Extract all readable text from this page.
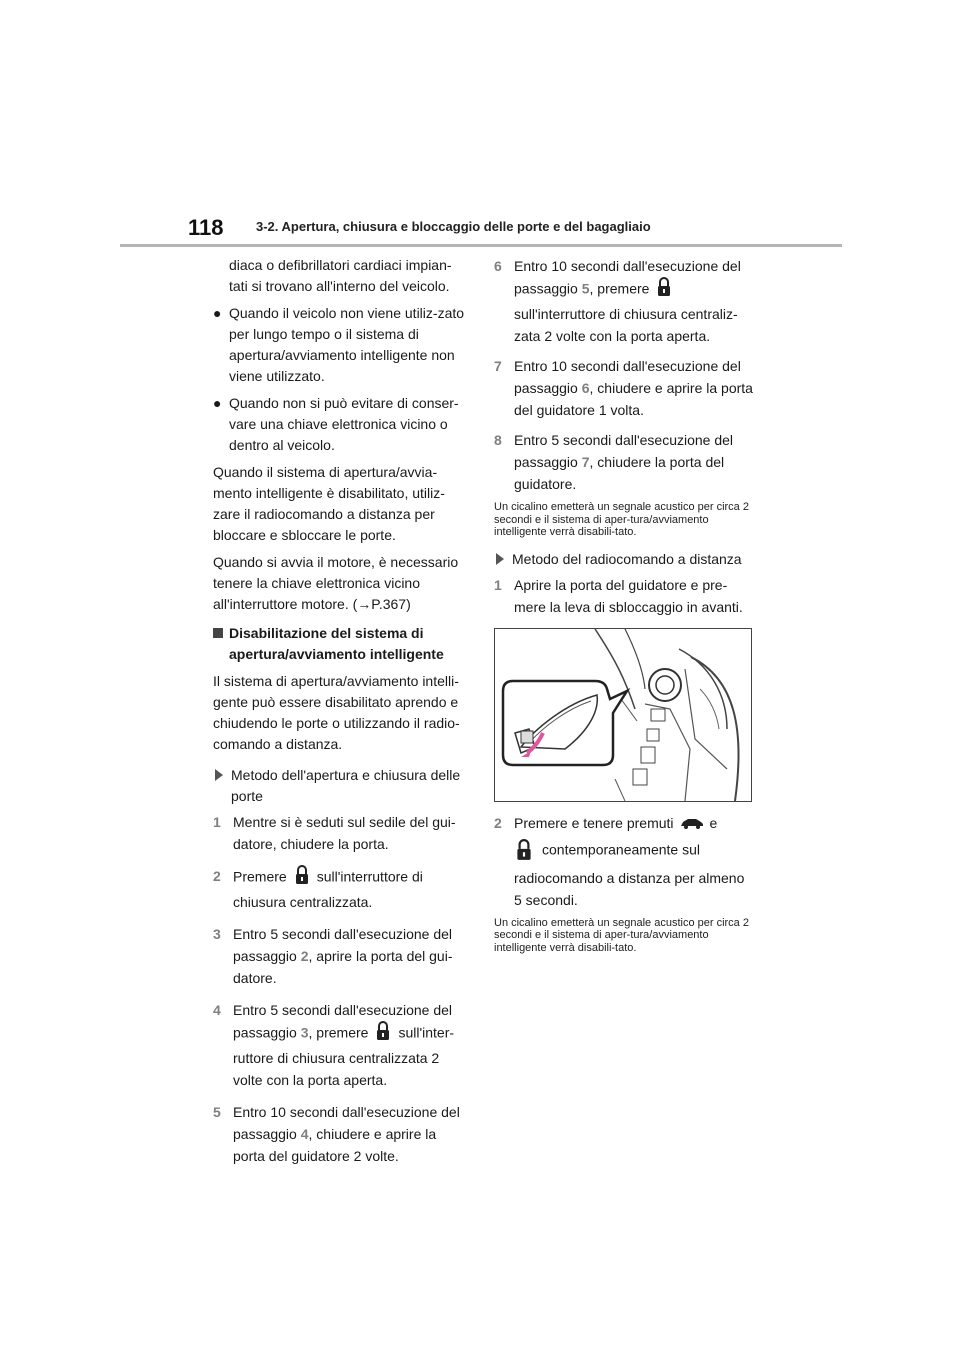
118	3-2. Apertura, chiusura e bloccaggio delle porte e del bagagliaio

diaca o defibrillatori cardiaci impian-tati si trovano all'interno del veicolo.

● Quando il veicolo non viene utiliz-zato per lungo tempo o il sistema di apertura/avviamento intelligente non viene utilizzato.
● Quando non si può evitare di conser-vare una chiave elettronica vicino o dentro al veicolo.

Quando il sistema di apertura/avvia-mento intelligente è disabilitato, utiliz-zare il radiocomando a distanza per bloccare e sbloccare le porte.

Quando si avvia il motore, è necessario tenere la chiave elettronica vicino all'interruttore motore. (→P.367)

Disabilitazione del sistema di apertura/avviamento intelligente

Il sistema di apertura/avviamento intelli-gente può essere disabilitato aprendo e chiudendo le porte o utilizzando il radio-comando a distanza.

Metodo dell'apertura e chiusura delle porte
1 Mentre si è seduti sul sedile del gui-datore, chiudere la porta.
2 Premere sull'interruttore di chiusura centralizzata.
3 Entro 5 secondi dall'esecuzione del passaggio 2, aprire la porta del gui-datore.
4 Entro 5 secondi dall'esecuzione del passaggio 3, premere sull'inter-ruttore di chiusura centralizzata 2 volte con la porta aperta.
5 Entro 10 secondi dall'esecuzione del passaggio 4, chiudere e aprire la porta del guidatore 2 volte.
6 Entro 10 secondi dall'esecuzione del passaggio 5, premeresull'interruttore di chiusura centraliz-zata 2 volte con la porta aperta.
7 Entro 10 secondi dall'esecuzione del passaggio 6, chiudere e aprire la porta del guidatore 1 volta.
8 Entro 5 secondi dall'esecuzione del passaggio 7, chiudere la porta del guidatore.

Un cicalino emetterà un segnale acustico per circa 2 secondi e il sistema di aper-tura/avviamento intelligente verrà disabili-tato.

Metodo del radiocomando a distanza
1 Aprire la porta del guidatore e pre-mere la leva di sbloccaggio in avanti.
2 Premere e tenere premuti	e
contemporaneamente sul radiocomando a distanza per almeno 5 secondi.

Un cicalino emetterà un segnale acustico per circa 2 secondi e il sistema di aper-tura/avviamento intelligente verrà disabili-tato.
